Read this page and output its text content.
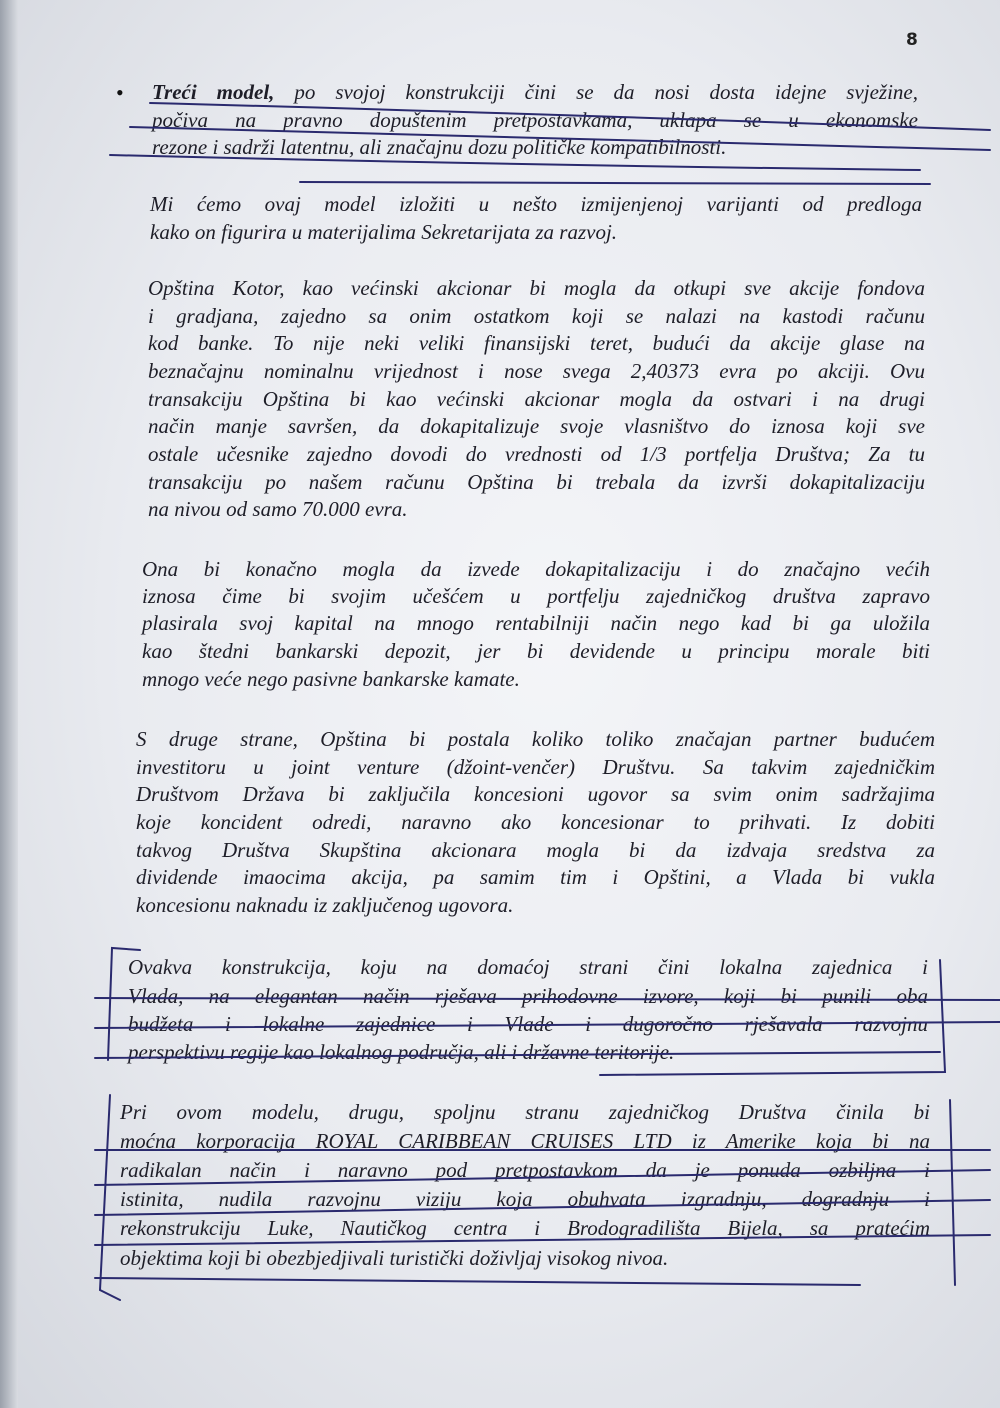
8
• Treći model, po svojoj konstrukciji čini se da nosi dosta idejne svježine,
počiva na pravno dopuštenim pretpostavkama, uklapa se u ekonomske
rezone i sadrži latentnu, ali značajnu dozu političke kompatibilnosti.
Mi ćemo ovaj model izložiti u nešto izmijenjenoj varijanti od predloga
kako on figurira u materijalima Sekretarijata za razvoj.
Opština Kotor, kao većinski akcionar bi mogla da otkupi sve akcije fondova
i gradjana, zajedno sa onim ostatkom koji se nalazi na kastodi računu
kod banke. To nije neki veliki finansijski teret, budući da akcije glase na
beznačajnu nominalnu vrijednost i nose svega 2,40373 evra po akciji. Ovu
transakciju Opština bi kao većinski akcionar mogla da ostvari i na drugi
način manje savršen, da dokapitalizuje svoje vlasništvo do iznosa koji sve
ostale učesnike zajedno dovodi do vrednosti od 1/3 portfelja Društva; Za tu
transakciju po našem računu Opština bi trebala da izvrši dokapitalizaciju
na nivou od samo 70.000 evra.
Ona bi konačno mogla da izvede dokapitalizaciju i do značajno većih
iznosa čime bi svojim učešćem u portfelju zajedničkog društva zapravo
plasirala svoj kapital na mnogo rentabilniji način nego kad bi ga uložila
kao štedni bankarski depozit, jer bi devidende u principu morale biti
mnogo veće nego pasivne bankarske kamate.
S druge strane, Opština bi postala koliko toliko značajan partner budućem
investitoru u joint venture (džoint-venčer) Društvu. Sa takvim zajedničkim
Društvom Država bi zaključila koncesioni ugovor sa svim onim sadržajima
koje koncident odredi, naravno ako koncesionar to prihvati. Iz dobiti
takvog Društva Skupština akcionara mogla bi da izdvaja sredstva za
dividende imaocima akcija, pa samim tim i Opštini, a Vlada bi vukla
koncesionu naknadu iz zaključenog ugovora.
Ovakva konstrukcija, koju na domaćoj strani čini lokalna zajednica i
Vlada, na elegantan način rješava prihodovne izvore, koji bi punili oba
budžeta i lokalne zajednice i Vlade i dugoročno rješavala razvojnu
perspektivu regije kao lokalnog područja, ali i državne teritorije.
Pri ovom modelu, drugu, spoljnu stranu zajedničkog Društva činila bi
moćna korporacija ROYAL CARIBBEAN CRUISES LTD iz Amerike koja bi na
radikalan način i naravno pod pretpostavkom da je ponuda ozbiljna i
istinita, nudila razvojnu viziju koja obuhvata izgradnju, dogradnju i
rekonstrukciju Luke, Nautičkog centra i Brodogradilišta Bijela, sa pratećim
objektima koji bi obezbjedjivali turistički doživljaj visokog nivoa.
